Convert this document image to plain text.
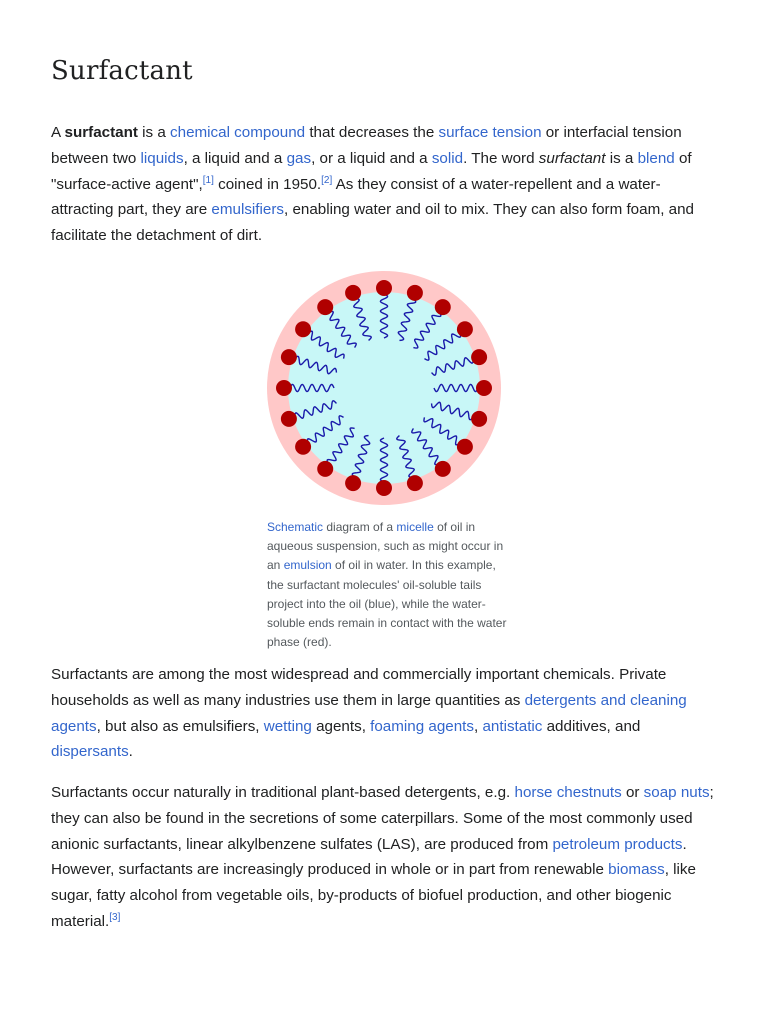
Surfactant

A surfactant is a chemical compound that decreases the surface tension or interfacial tension between two liquids, a liquid and a gas, or a liquid and a solid. The word surfactant is a blend of "surface-active agent",[1] coined in 1950.[2] As they consist of a water-repellent and a water-attracting part, they are emulsifiers, enabling water and oil to mix. They can also form foam, and facilitate the detachment of dirt.

Schematic diagram of a micelle of oil in aqueous suspension, such as might occur in an emulsion of oil in water. In this example, the surfactant molecules' oil-soluble tails project into the oil (blue), while the water-soluble ends remain in contact with the water phase (red).

Surfactants are among the most widespread and commercially important chemicals. Private households as well as many industries use them in large quantities as detergents and cleaning agents, but also as emulsifiers, wetting agents, foaming agents, antistatic additives, and dispersants.

Surfactants occur naturally in traditional plant-based detergents, e.g. horse chestnuts or soap nuts; they can also be found in the secretions of some caterpillars. Some of the most commonly used anionic surfactants, linear alkylbenzene sulfates (LAS), are produced from petroleum products. However, surfactants are increasingly produced in whole or in part from renewable biomass, like sugar, fatty alcohol from vegetable oils, by-products of biofuel production, and other biogenic material.[3]
